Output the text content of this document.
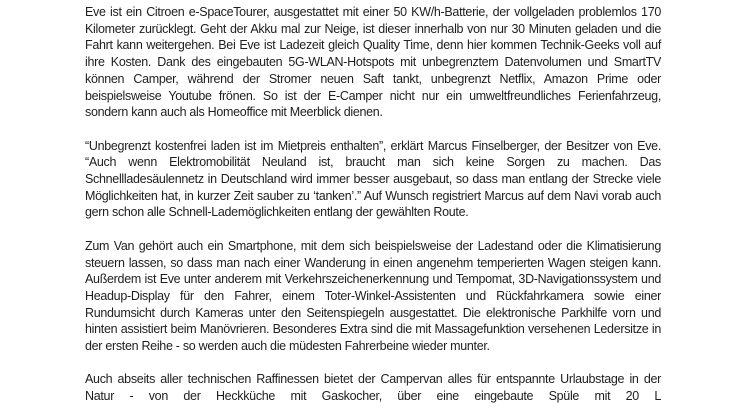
Eve ist ein Citroen e-SpaceTourer, ausgestattet mit einer 50 KW/h-Batterie, der vollgeladen problemlos 170 Kilometer zurücklegt. Geht der Akku mal zur Neige, ist dieser innerhalb von nur 30 Minuten geladen und die Fahrt kann weitergehen. Bei Eve ist Ladezeit gleich Quality Time, denn hier kommen Technik-Geeks voll auf ihre Kosten. Dank des eingebauten 5G-WLAN-Hotspots mit unbegrenztem Datenvolumen und SmartTV können Camper, während der Stromer neuen Saft tankt, unbegrenzt Netflix, Amazon Prime oder beispielsweise Youtube frönen. So ist der E-Camper nicht nur ein umweltfreundliches Ferienfahrzeug, sondern kann auch als Homeoffice mit Meerblick dienen.

“Unbegrenzt kostenfrei laden ist im Mietpreis enthalten”, erklärt Marcus Finselberger, der Besitzer von Eve. “Auch wenn Elektromobilität Neuland ist, braucht man sich keine Sorgen zu machen. Das Schnellladesäulennetz in Deutschland wird immer besser ausgebaut, so dass man entlang der Strecke viele Möglichkeiten hat, in kurzer Zeit sauber zu ‘tanken’.” Auf Wunsch registriert Marcus auf dem Navi vorab auch gern schon alle Schnell-Lademöglichkeiten entlang der gewählten Route.

Zum Van gehört auch ein Smartphone, mit dem sich beispielsweise der Ladestand oder die Klimatisierung steuern lassen, so dass man nach einer Wanderung in einen angenehm temperierten Wagen steigen kann. Außerdem ist Eve unter anderem mit Verkehrszeichenerkennung und Tempomat, 3D-Navigationssystem und Headup-Display für den Fahrer, einem Toter-Winkel-Assistenten und Rückfahrkamera sowie einer Rundumsicht durch Kameras unter den Seitenspiegeln ausgestattet. Die elektronische Parkhilfe vorn und hinten assistiert beim Manövrieren. Besonderes Extra sind die mit Massagefunktion versehenen Ledersitze in der ersten Reihe - so werden auch die müdesten Fahrerbeine wieder munter.

Auch abseits aller technischen Raffinessen bietet der Campervan alles für entspannte Urlaubstage in der Natur - von der Heckküche mit Gaskocher, über eine eingebaute Spüle mit 20 L
